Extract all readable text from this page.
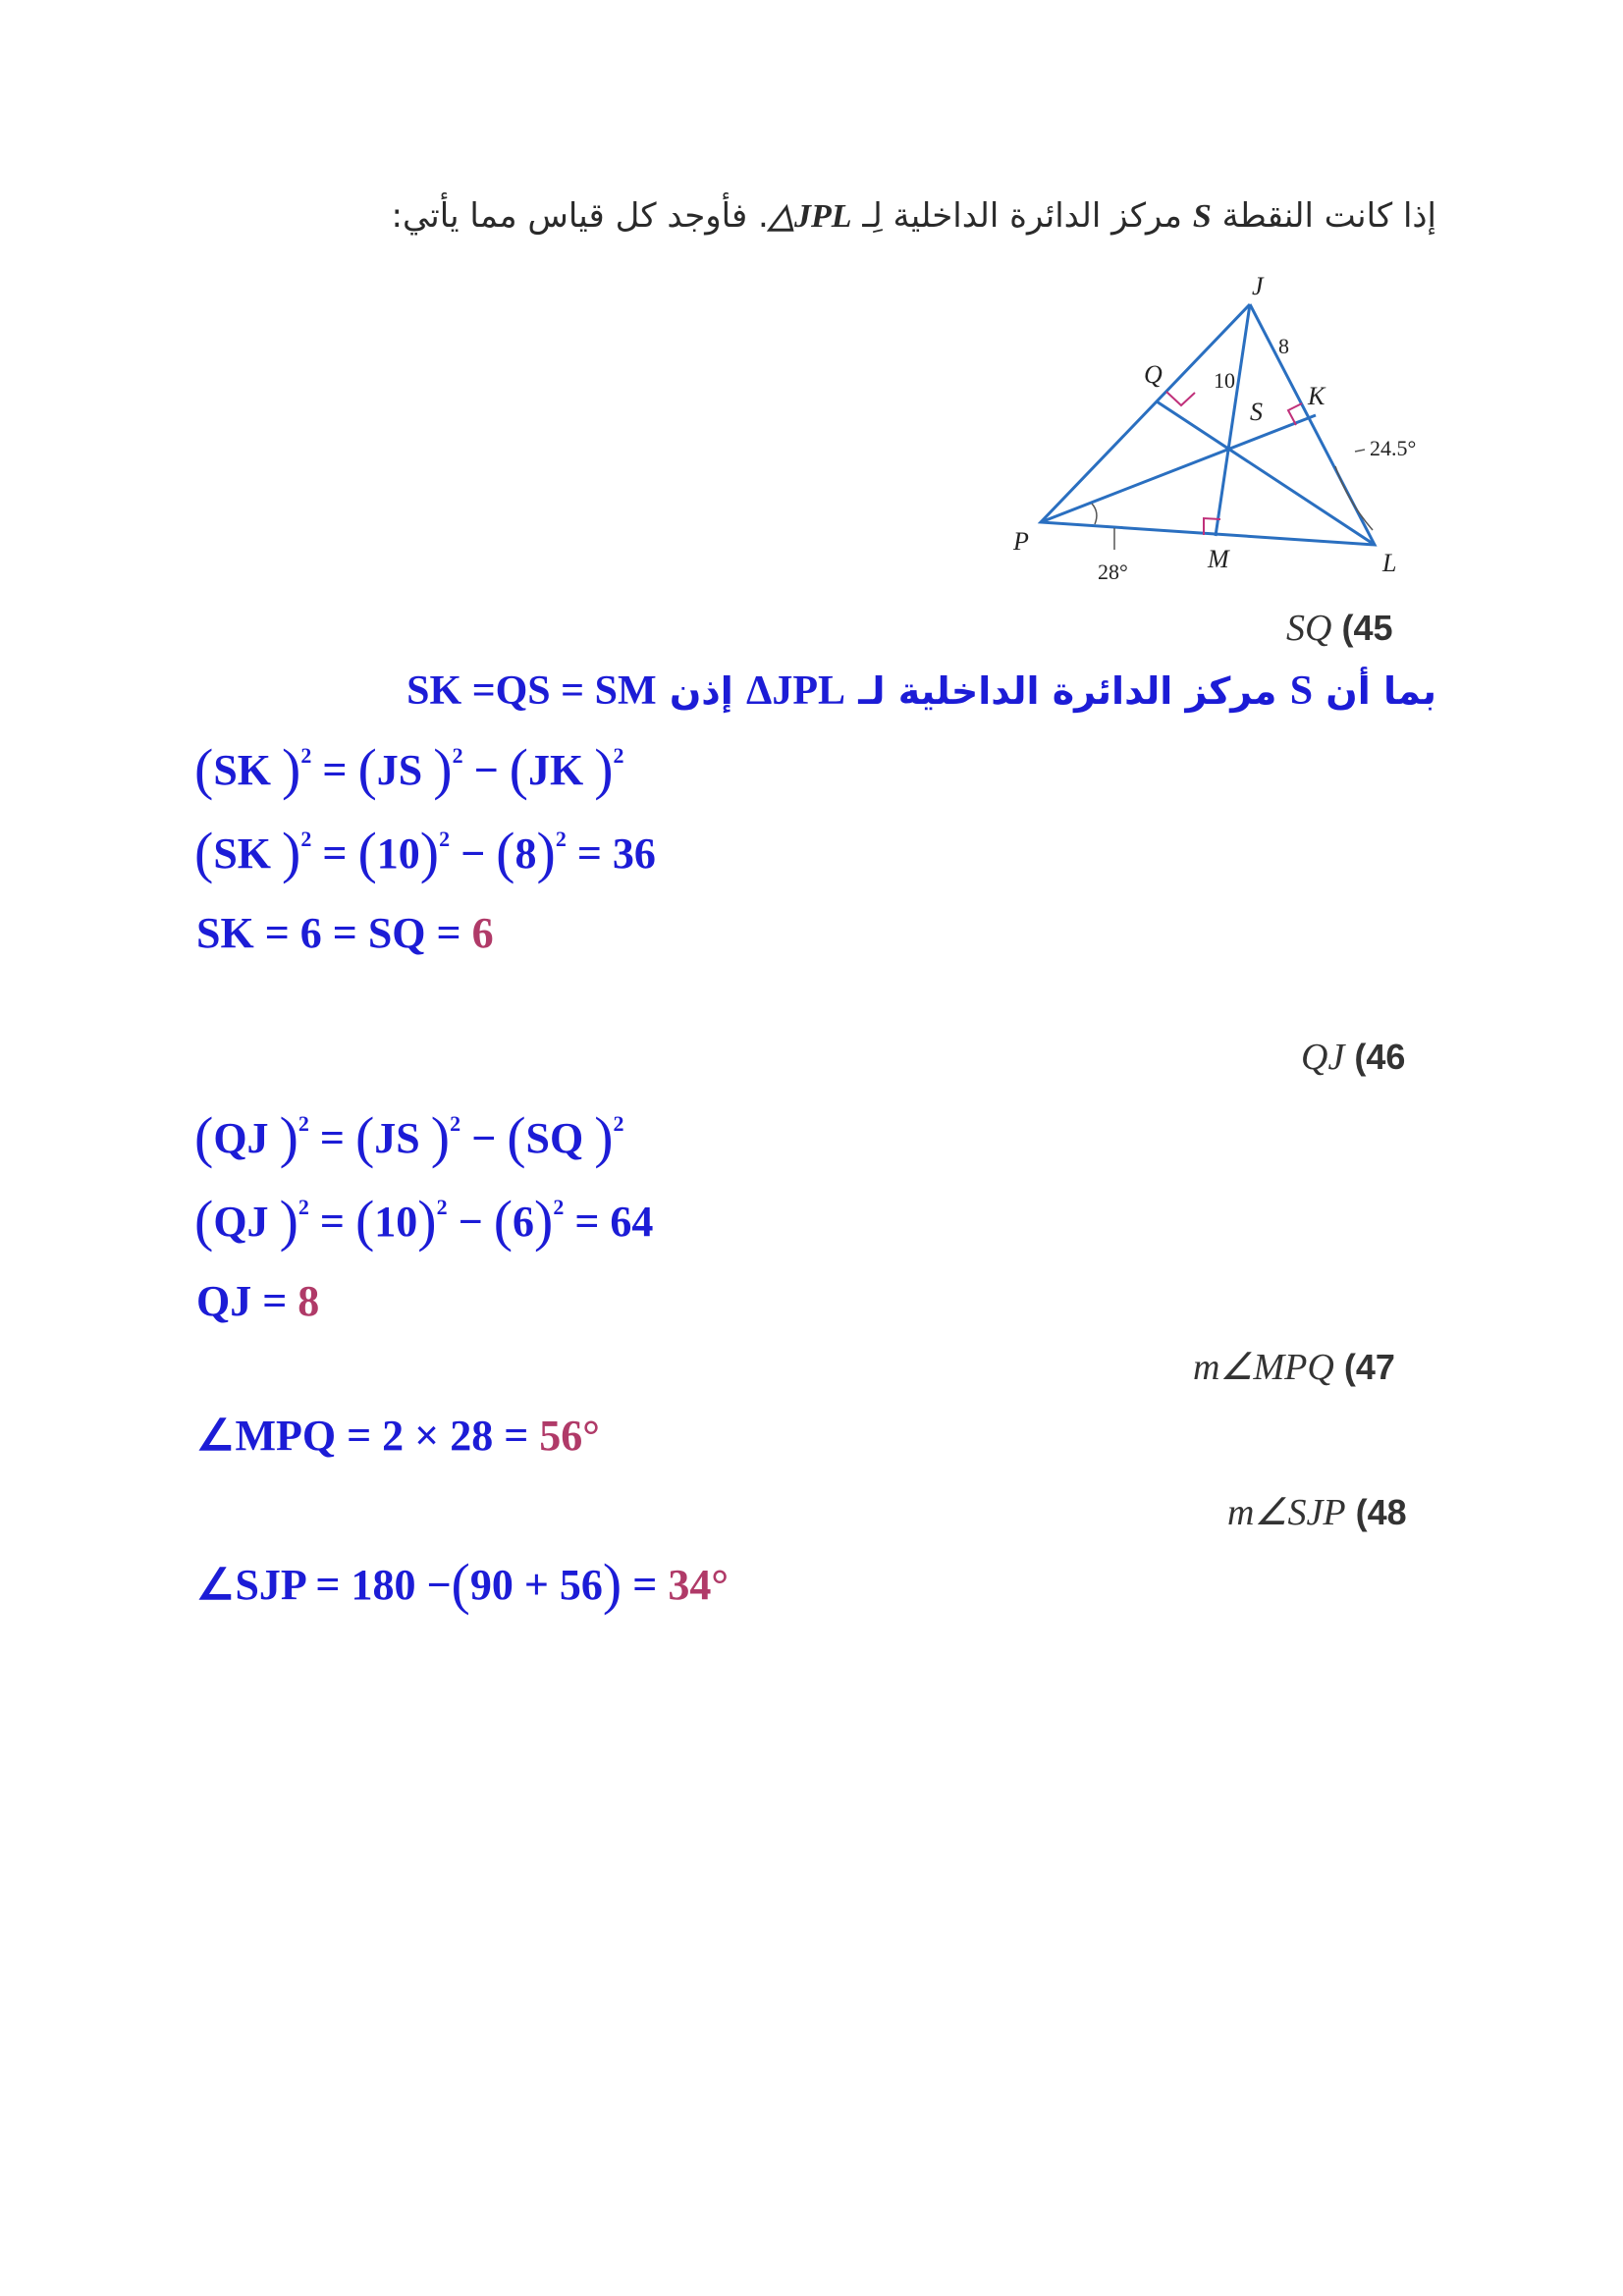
إذا كانت النقطة S مركز الدائرة الداخلية لِـ △JPL. فأوجد كل قياس مما يأتي:
J
Q
K
S
P
M	L
10
8
24.5°
28°
SQ (45
بما أن S مركز الدائرة الداخلية لـ ΔJPL إذن SK =QS = SM
(SK )$^2$ = (JS )$^2$ − (JK )$^2$
(SK )$^2 = (10)^2 - (8)^2 = 36$
SK = 6 = SQ = 6
QJ (46
(QJ )$^2$ = (JS )$^2$ − (SQ )$^2$
(QJ )$^2 = (10)^2 - (6)^2 = 64$
QJ = 8
m∠MPQ (47
∠MPQ = 2 × 28 = 56°
m∠SJP (48
∠SJP = 180 −(90 + 56) = 34°
